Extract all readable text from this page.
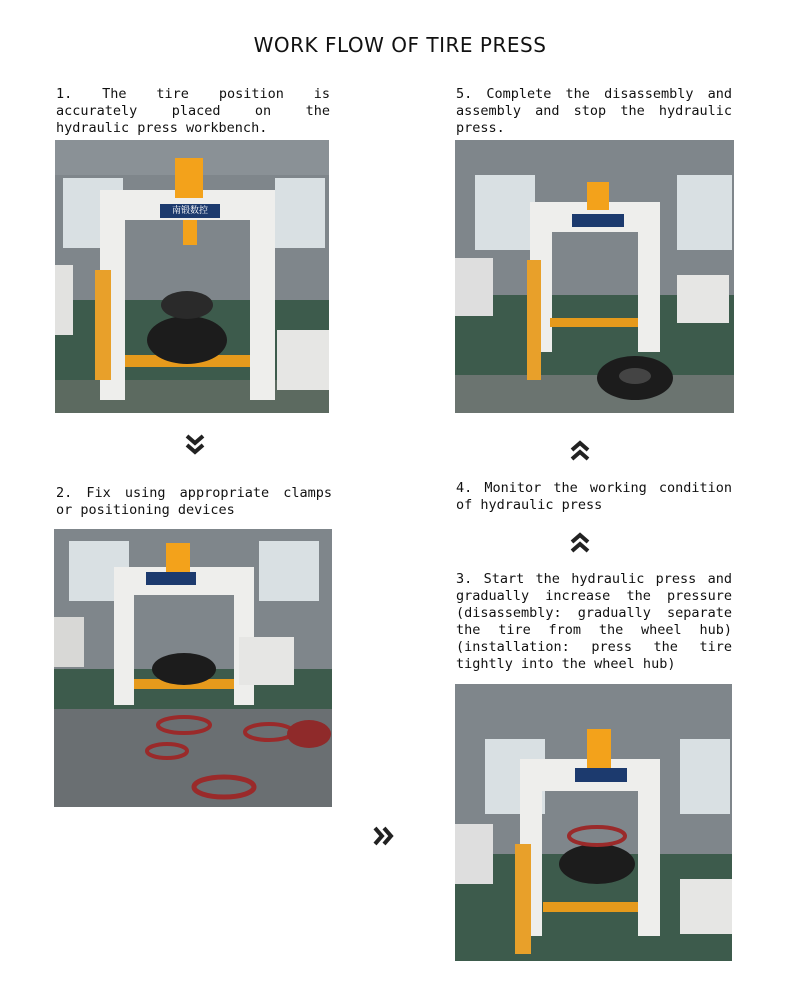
WORK FLOW OF TIRE PRESS
1. The tire position is accurately placed on the hydraulic press workbench.
南锻数控
2. Fix using appropriate clamps or positioning devices
5. Complete the disassembly and assembly and stop the hydraulic press.
4. Monitor the working condition of hydraulic press
3. Start the hydraulic press and gradually increase the pressure (disassembly: gradually separate the tire from the wheel hub) (installation: press the tire tightly into the wheel hub)
